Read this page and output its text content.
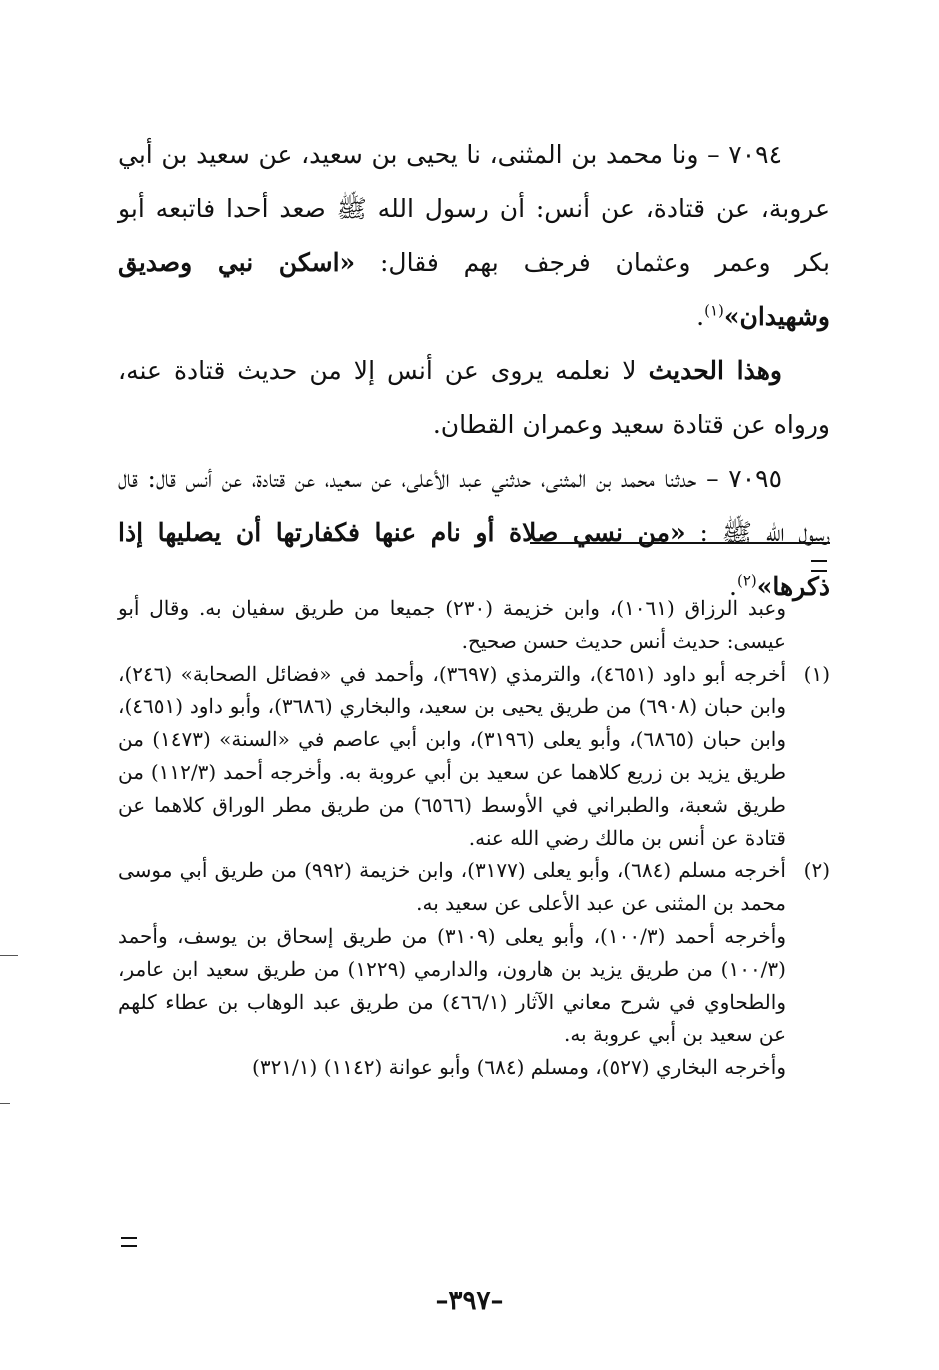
٧٠٩٤ – ونا محمد بن المثنى، نا يحيى بن سعيد، عن سعيد بن أبي عروبة، عن قتادة، عن أنس: أن رسول الله ﷺ صعد أحدا فاتبعه أبو بكر وعمر وعثمان فرجف بهم فقال: «اسكن نبي وصديق وشهيدان»$^{(١)}$.

وهذا الحديث لا نعلمه يروى عن أنس إلا من حديث قتادة عنه، ورواه عن قتادة سعيد وعمران القطان.

٧٠٩٥ – حدثنا محمد بن المثنى، حدثني عبد الأعلى، عن سعيد، عن قتادة، عن أنس قال: قال رسول الله ﷺ : «من نسي صلاة أو نام عنها فكفارتها أن يصليها إذا ذكرها»$^{(٢)}$.

وعبد الرزاق (١٠٦١)، وابن خزيمة (٢٣٠) جميعا من طريق سفيان به. وقال أبو عيسى: حديث أنس حديث حسن صحيح.

(١)
أخرجه أبو داود (٤٦٥١)، والترمذي (٣٦٩٧)، وأحمد في «فضائل الصحابة» (٢٤٦)، وابن حبان (٦٩٠٨) من طريق يحيى بن سعيد، والبخاري (٣٦٨٦)، وأبو داود (٤٦٥١)، وابن حبان (٦٨٦٥)، وأبو يعلى (٣١٩٦)، وابن أبي عاصم في «السنة» (١٤٧٣) من طريق يزيد بن زريع كلاهما عن سعيد بن أبي عروبة به. وأخرجه أحمد (١١٢/٣) من طريق شعبة، والطبراني في الأوسط (٦٥٦٦) من طريق مطر الوراق كلاهما عن قتادة عن أنس بن مالك رضي الله عنه.
(٢)
أخرجه مسلم (٦٨٤)، وأبو يعلى (٣١٧٧)، وابن خزيمة (٩٩٢) من طريق أبي موسى محمد بن المثنى عن عبد الأعلى عن سعيد به.

وأخرجه أحمد (١٠٠/٣)، وأبو يعلى (٣١٠٩) من طريق إسحاق بن يوسف، وأحمد (١٠٠/٣) من طريق يزيد بن هارون، والدارمي (١٢٢٩) من طريق سعيد ابن عامر، والطحاوي في شرح معاني الآثار (٤٦٦/١) من طريق عبد الوهاب بن عطاء كلهم عن سعيد بن أبي عروبة به.

وأخرجه البخاري (٥٢٧)، ومسلم (٦٨٤) وأبو عوانة (١١٤٢) (٣٢١/١)

–٣٩٧–
